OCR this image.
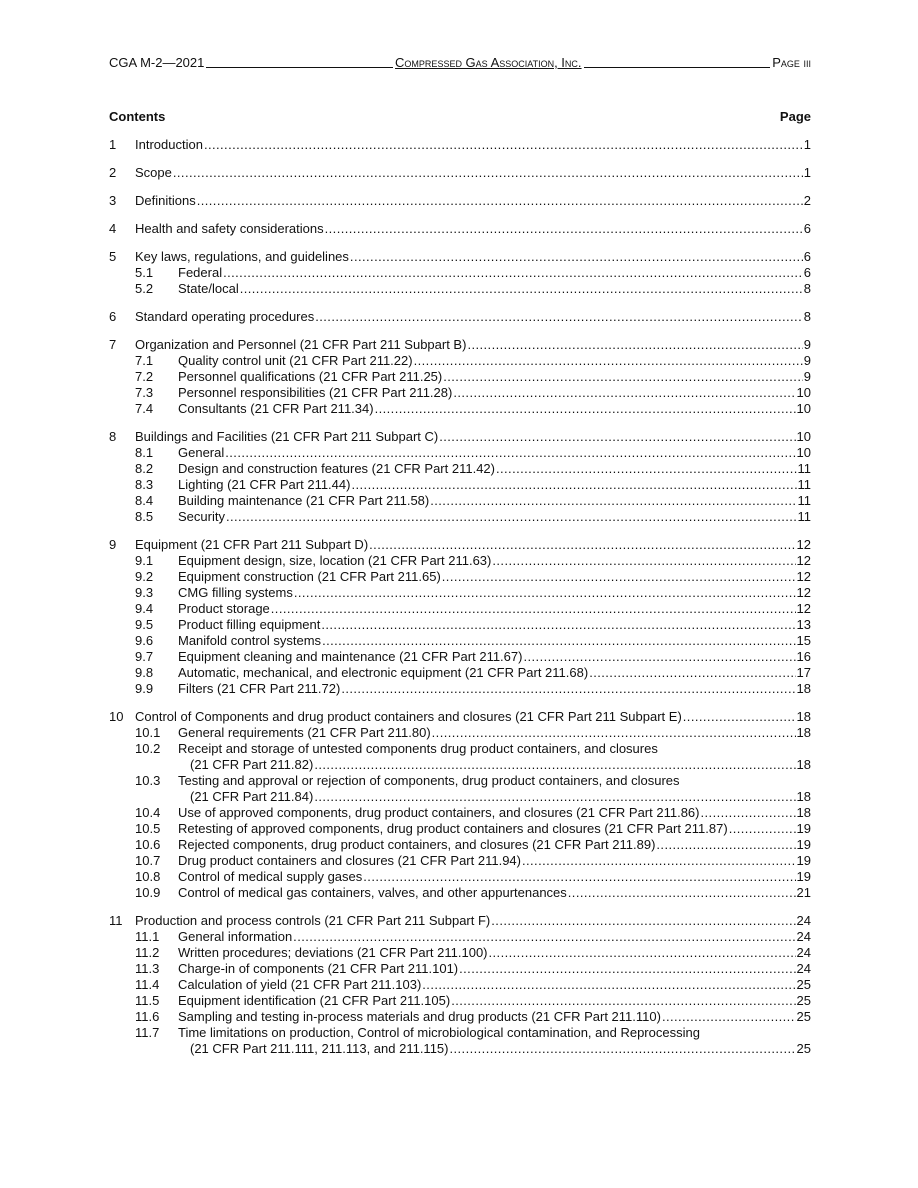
CGA M-2—2021	Compressed Gas Association, Inc.	Page iii
Contents	Page
1	Introduction . . .	1
2	Scope . . .	1
3	Definitions . . .	2
4	Health and safety considerations . . .	6
5	Key laws, regulations, and guidelines . . .	6
5.1	Federal . . .	6
5.2	State/local . . .	8
6	Standard operating procedures . . .	8
7	Organization and Personnel (21 CFR Part 211 Subpart B) . . .	9
7.1	Quality control unit (21 CFR Part 211.22) . . .	9
7.2	Personnel qualifications (21 CFR Part 211.25) . . .	9
7.3	Personnel responsibilities (21 CFR Part 211.28) . . .	10
7.4	Consultants (21 CFR Part 211.34) . . .	10
8	Buildings and Facilities (21 CFR Part 211 Subpart C) . . .	10
8.1	General . . .	10
8.2	Design and construction features (21 CFR Part 211.42) . . .	11
8.3	Lighting (21 CFR Part 211.44) . . .	11
8.4	Building maintenance (21 CFR Part 211.58) . . .	11
8.5	Security . . .	11
9	Equipment (21 CFR Part 211 Subpart D) . . .	12
9.1	Equipment design, size, location (21 CFR Part 211.63) . . .	12
9.2	Equipment construction (21 CFR Part 211.65) . . .	12
9.3	CMG filling systems . . .	12
9.4	Product storage . . .	12
9.5	Product filling equipment . . .	13
9.6	Manifold control systems . . .	15
9.7	Equipment cleaning and maintenance (21 CFR Part 211.67) . . .	16
9.8	Automatic, mechanical, and electronic equipment (21 CFR Part 211.68) . . .	17
9.9	Filters (21 CFR Part 211.72) . . .	18
10 Control of Components and drug product containers and closures (21 CFR Part 211 Subpart E) . . .	18
10.1	General requirements (21 CFR Part 211.80) . . .	18
10.2	Receipt and storage of untested components drug product containers, and closures
(21 CFR Part 211.82) . . .	18
10.3	Testing and approval or rejection of components, drug product containers, and closures
(21 CFR Part 211.84) . . .	18
10.4	Use of approved components, drug product containers, and closures (21 CFR Part 211.86) . . .	18
10.5	Retesting of approved components, drug product containers and closures (21 CFR Part 211.87) . . .	19
10.6	Rejected components, drug product containers, and closures (21 CFR Part 211.89) . . .	19
10.7	Drug product containers and closures (21 CFR Part 211.94) . . .	19
10.8	Control of medical supply gases . . .	19
10.9	Control of medical gas containers, valves, and other appurtenances . . .	21
11 Production and process controls (21 CFR Part 211 Subpart F) . . .	24
11.1	General information . . .	24
11.2	Written procedures; deviations (21 CFR Part 211.100) . . .	24
11.3	Charge-in of components (21 CFR Part 211.101) . . .	24
11.4	Calculation of yield (21 CFR Part 211.103) . . .	25
11.5	Equipment identification (21 CFR Part 211.105) . . .	25
11.6	Sampling and testing in-process materials and drug products (21 CFR Part 211.110) . . .	25
11.7	Time limitations on production, Control of microbiological contamination, and Reprocessing
(21 CFR Part 211.111, 211.113, and 211.115) . . .	25
